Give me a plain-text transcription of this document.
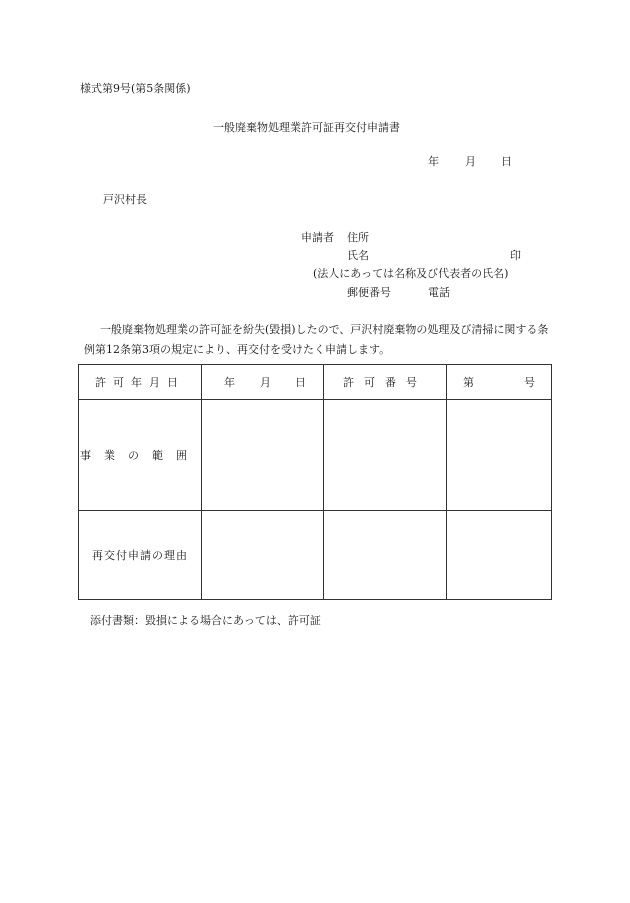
様式第9号(第5条関係)
一般廃棄物処理業許可証再交付申請書
年 月 日
戸沢村長
申請者 住所
氏名	印
(法人にあっては名称及び代表者の氏名)
郵便番号	電話
一般廃棄物処理業の許可証を紛失(毀損)したので、戸沢村廃棄物の処理及び清掃に関する条例第12条第3項の規定により、再交付を受けたく申請します。
許可年月日	年 月 日	許可番号	第 号
事業の範囲			
再交付申請の理由			
添付書類：毀損による場合にあっては、許可証
